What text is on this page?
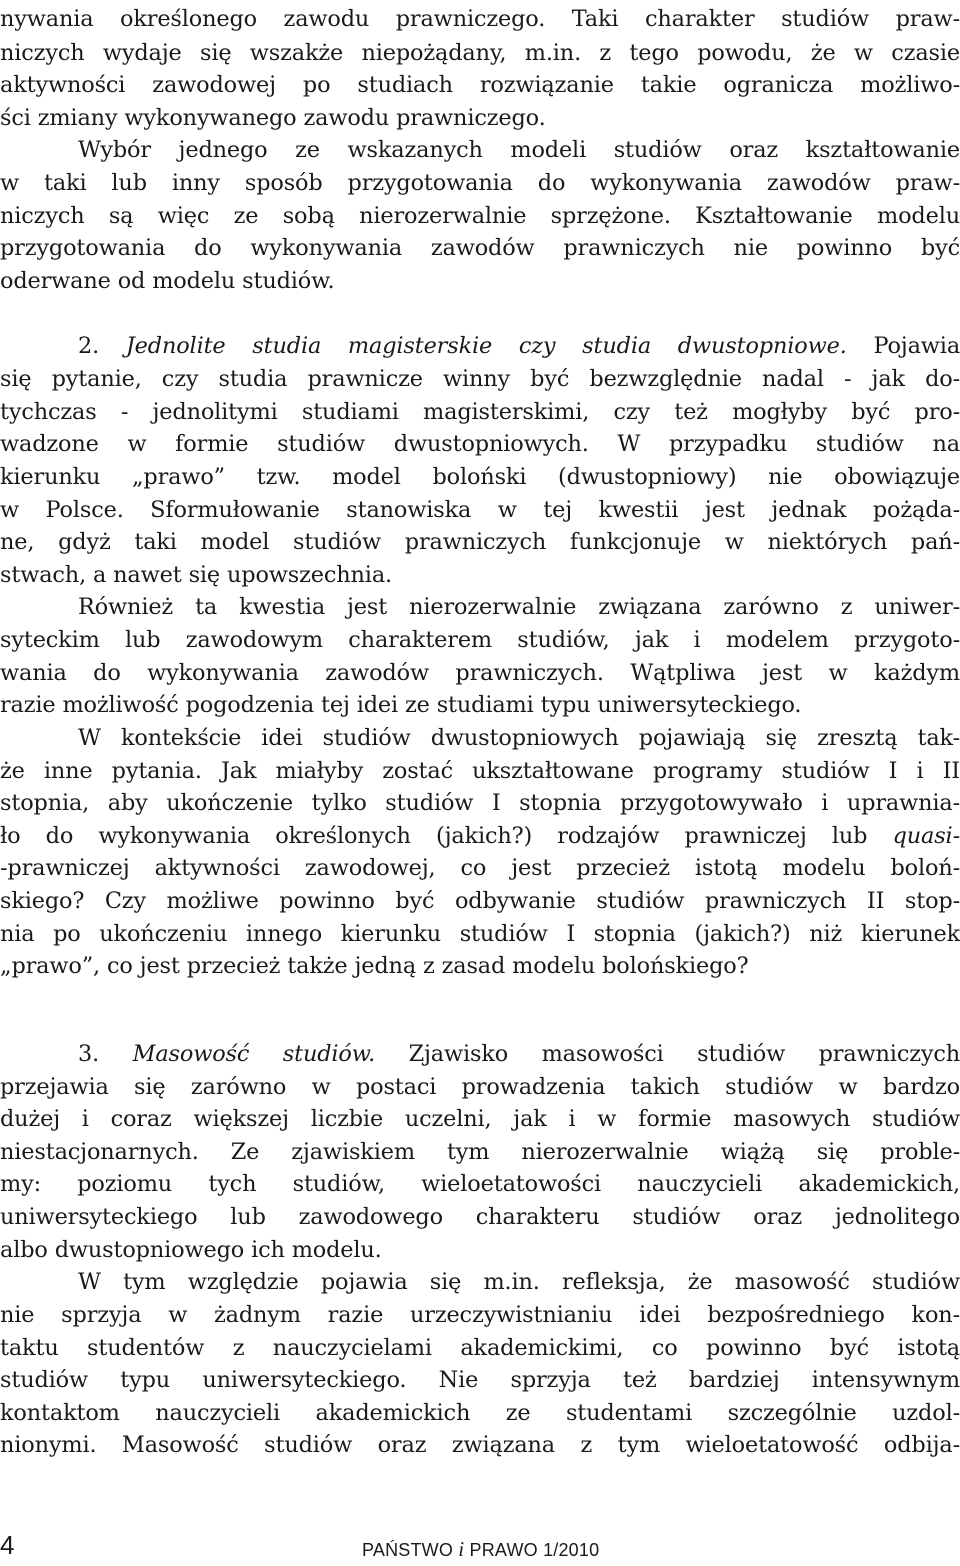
nywania określonego zawodu prawniczego. Taki charakter studiów praw-
niczych wydaje się wszakże niepożądany, m.in. z tego powodu, że w czasie
aktywności zawodowej po studiach rozwiązanie takie ogranicza możliwo-
ści zmiany wykonywanego zawodu prawniczego.
Wybór jednego ze wskazanych modeli studiów oraz kształtowanie
w taki lub inny sposób przygotowania do wykonywania zawodów praw-
niczych są więc ze sobą nierozerwalnie sprzężone. Kształtowanie modelu
przygotowania do wykonywania zawodów prawniczych nie powinno być
oderwane od modelu studiów.
2. Jednolite studia magisterskie czy studia dwustopniowe. Pojawia
się pytanie, czy studia prawnicze winny być bezwzględnie nadal - jak do-
tychczas - jednolitymi studiami magisterskimi, czy też mogłyby być pro-
wadzone w formie studiów dwustopniowych. W przypadku studiów na
kierunku „prawo” tzw. model boloński (dwustopniowy) nie obowiązuje
w Polsce. Sformułowanie stanowiska w tej kwestii jest jednak pożąda-
ne, gdyż taki model studiów prawniczych funkcjonuje w niektórych pań-
stwach, a nawet się upowszechnia.
Również ta kwestia jest nierozerwalnie związana zarówno z uniwer-
syteckim lub zawodowym charakterem studiów, jak i modelem przygoto-
wania do wykonywania zawodów prawniczych. Wątpliwa jest w każdym
razie możliwość pogodzenia tej idei ze studiami typu uniwersyteckiego.
W kontekście idei studiów dwustopniowych pojawiają się zresztą tak-
że inne pytania. Jak miałyby zostać ukształtowane programy studiów I i II
stopnia, aby ukończenie tylko studiów I stopnia przygotowywało i uprawnia-
ło do wykonywania określonych (jakich?) rodzajów prawniczej lub quasi-
-prawniczej aktywności zawodowej, co jest przecież istotą modelu boloń-
skiego? Czy możliwe powinno być odbywanie studiów prawniczych II stop-
nia po ukończeniu innego kierunku studiów I stopnia (jakich?) niż kierunek
„prawo”, co jest przecież także jedną z zasad modelu bolońskiego?
3. Masowość studiów. Zjawisko masowości studiów prawniczych
przejawia się zarówno w postaci prowadzenia takich studiów w bardzo
dużej i coraz większej liczbie uczelni, jak i w formie masowych studiów
niestacjonarnych. Ze zjawiskiem tym nierozerwalnie wiążą się proble-
my: poziomu tych studiów, wieloetatowości nauczycieli akademickich,
uniwersyteckiego lub zawodowego charakteru studiów oraz jednolitego
albo dwustopniowego ich modelu.
W tym względzie pojawia się m.in. refleksja, że masowość studiów
nie sprzyja w żadnym razie urzeczywistnianiu idei bezpośredniego kon-
taktu studentów z nauczycielami akademickimi, co powinno być istotą
studiów typu uniwersyteckiego. Nie sprzyja też bardziej intensywnym
kontaktom nauczycieli akademickich ze studentami szczególnie uzdol-
nionymi. Masowość studiów oraz związana z tym wieloetatowość odbija-
4	PAŃSTWO i PRAWO 1/2010
